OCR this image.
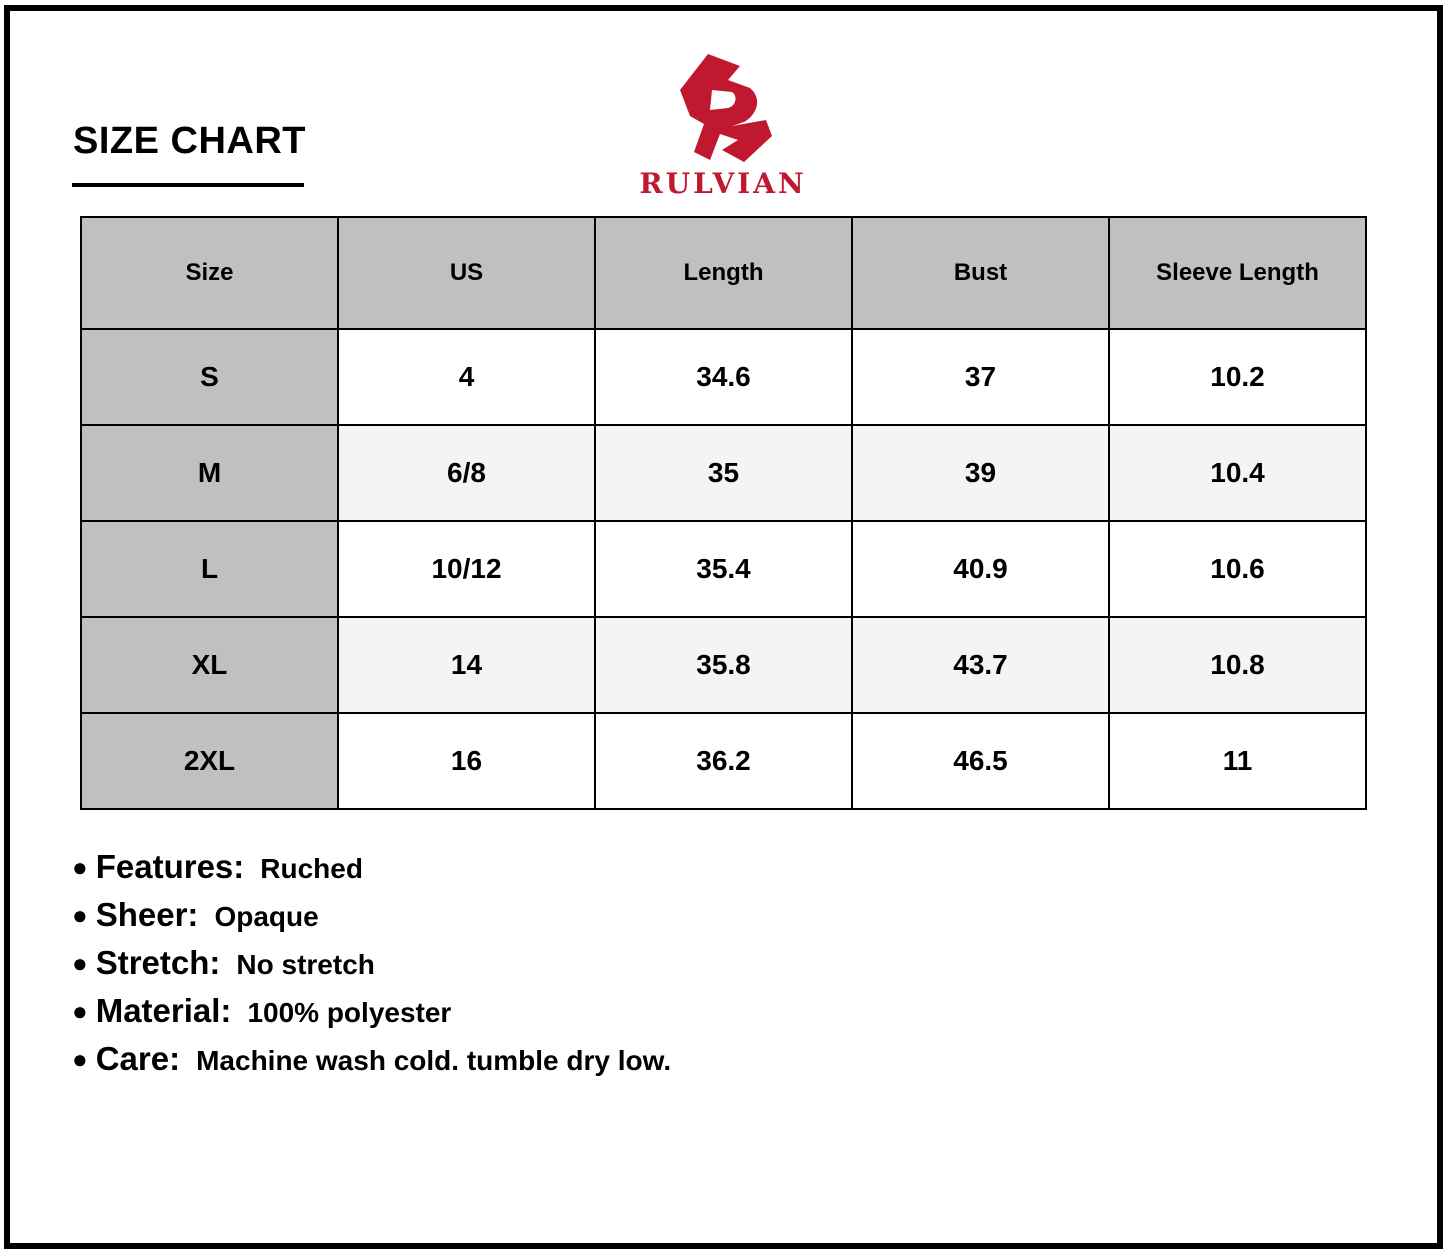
SIZE CHART
RULVIAN
Size	US	Length	Bust	Sleeve Length
S	4	34.6	37	10.2
M	6/8	35	39	10.4
L	10/12	35.4	40.9	10.6
XL	14	35.8	43.7	10.8
2XL	16	36.2	46.5	11
● Features: Ruched
● Sheer: Opaque
● Stretch: No stretch
● Material: 100% polyester
● Care: Machine wash cold. tumble dry low.
